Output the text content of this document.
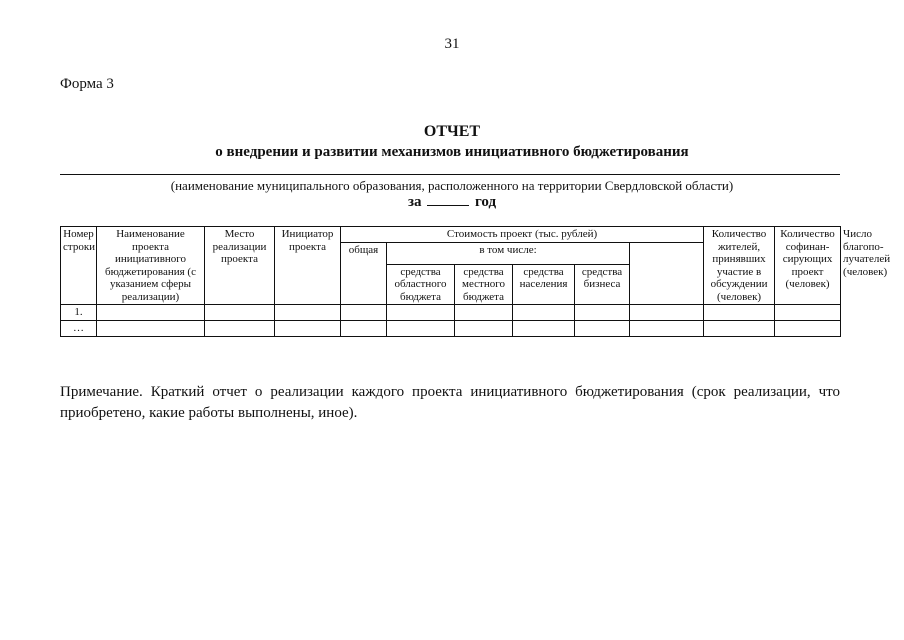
31
Форма 3
ОТЧЕТ
о внедрении и развитии механизмов инициативного бюджетирования
(наименование муниципального образования, расположенного на территории Свердловской области)
за	год
Номер строки	Наименование проекта инициативного бюджетирования (с указанием сферы реализации)	Место реализации проекта	Инициатор проекта	Стоимость проект (тыс. рублей)						Количество жителей, принявших участие в обсуждении (человек)	Количество софинан-сирующих проект (человек)	Число благопо-лучателей (человек)
				общая	в том числе:							
					средства областного бюджета	средства местного бюджета	средства населения	средства бизнеса				
1.												
…												
Примечание. Краткий отчет о реализации каждого проекта инициативного бюджетирования (срок реализации, что приобретено, какие работы выполнены, иное).
